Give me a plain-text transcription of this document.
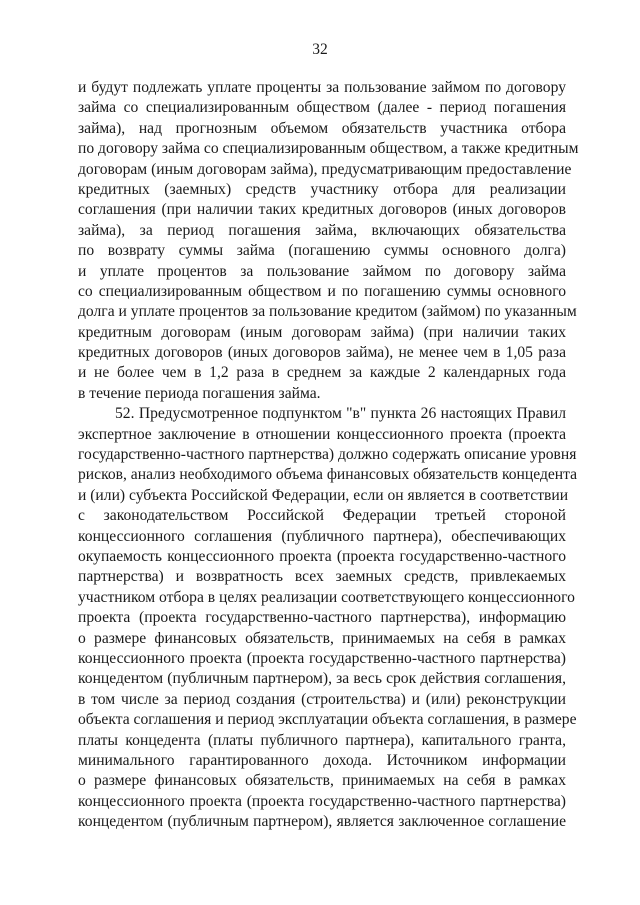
32
и будут подлежать уплате проценты за пользование займом по договору
займа со специализированным обществом (далее - период погашения
займа), над прогнозным объемом обязательств участника отбора
по договору займа со специализированным обществом, а также кредитным
договорам (иным договорам займа), предусматривающим предоставление
кредитных (заемных) средств участнику отбора для реализации
соглашения (при наличии таких кредитных договоров (иных договоров
займа), за период погашения займа, включающих обязательства
по возврату суммы займа (погашению суммы основного долга)
и уплате процентов за пользование займом по договору займа
со специализированным обществом и по погашению суммы основного
долга и уплате процентов за пользование кредитом (займом) по указанным
кредитным договорам (иным договорам займа) (при наличии таких
кредитных договоров (иных договоров займа), не менее чем в 1,05 раза
и не более чем в 1,2 раза в среднем за каждые 2 календарных года
в течение периода погашения займа.
52. Предусмотренное подпунктом "в" пункта 26 настоящих Правил
экспертное заключение в отношении концессионного проекта (проекта
государственно-частного партнерства) должно содержать описание уровня
рисков, анализ необходимого объема финансовых обязательств концедента
и (или) субъекта Российской Федерации, если он является в соответствии
с законодательством Российской Федерации третьей стороной
концессионного соглашения (публичного партнера), обеспечивающих
окупаемость концессионного проекта (проекта государственно-частного
партнерства) и возвратность всех заемных средств, привлекаемых
участником отбора в целях реализации соответствующего концессионного
проекта (проекта государственно-частного партнерства), информацию
о размере финансовых обязательств, принимаемых на себя в рамках
концессионного проекта (проекта государственно-частного партнерства)
концедентом (публичным партнером), за весь срок действия соглашения,
в том числе за период создания (строительства) и (или) реконструкции
объекта соглашения и период эксплуатации объекта соглашения, в размере
платы концедента (платы публичного партнера), капитального гранта,
минимального гарантированного дохода. Источником информации
о размере финансовых обязательств, принимаемых на себя в рамках
концессионного проекта (проекта государственно-частного партнерства)
концедентом (публичным партнером), является заключенное соглашение
